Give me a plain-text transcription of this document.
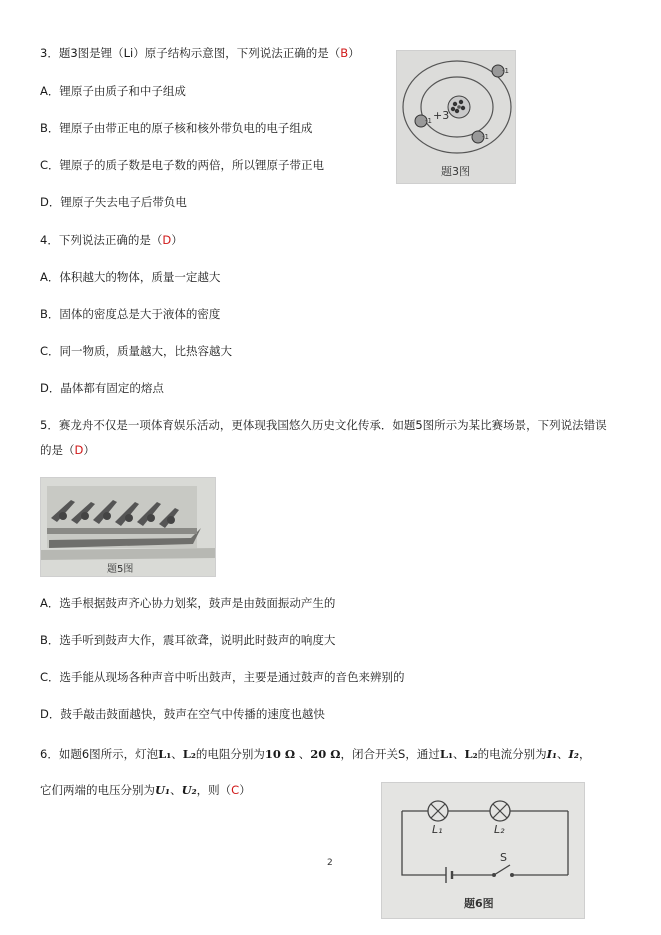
3．题3图是锂（Li）原子结构示意图，下列说法正确的是（B）
A．锂原子由质子和中子组成
B．锂原子由带正电的原子核和核外带负电的电子组成
C．锂原子的质子数是电子数的两倍，所以锂原子带正电
D．锂原子失去电子后带负电
+3
-1
-1
-1
题3图
4．下列说法正确的是（D）
A．体积越大的物体，质量一定越大
B．固体的密度总是大于液体的密度
C．同一物质，质量越大，比热容越大
D．晶体都有固定的熔点
5．赛龙舟不仅是一项体育娱乐活动，更体现我国悠久历史文化传承．如题5图所示为某比赛场景，下列说法错误
的是（D）
题5图
A．选手根据鼓声齐心协力划桨，鼓声是由鼓面振动产生的
B．选手听到鼓声大作，震耳欲聋，说明此时鼓声的响度大
C．选手能从现场各种声音中听出鼓声，主要是通过鼓声的音色来辨别的
D．鼓手敲击鼓面越快，鼓声在空气中传播的速度也越快
6．如题6图所示，灯泡L₁、L₂的电阻分别为10 Ω 、20 Ω，闭合开关S，通过L₁、L₂的电流分别为I₁、I₂，
它们两端的电压分别为U₁、U₂，则（C）
L₁	L₂
S
题6图
2
